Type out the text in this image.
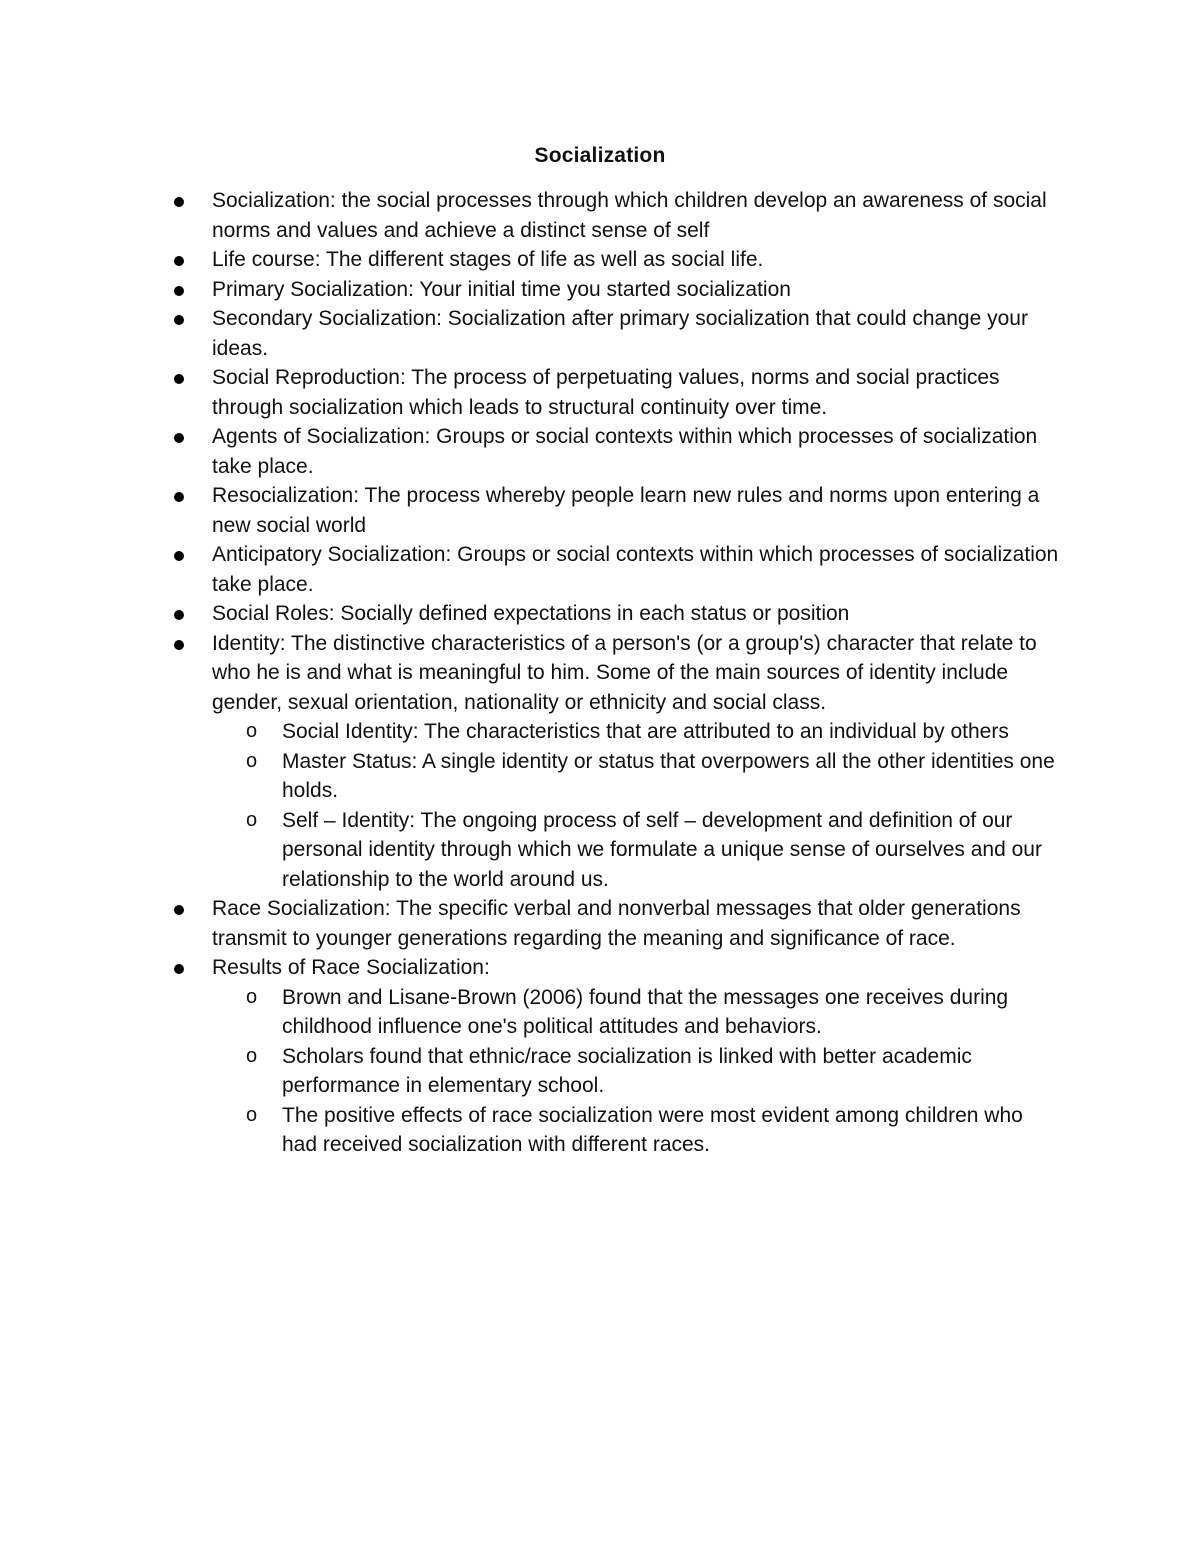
Socialization
Socialization: the social processes through which children develop an awareness of social norms and values and achieve a distinct sense of self
Life course: The different stages of life as well as social life.
Primary Socialization: Your initial time you started socialization
Secondary Socialization: Socialization after primary socialization that could change your ideas.
Social Reproduction: The process of perpetuating values, norms and social practices through socialization which leads to structural continuity over time.
Agents of Socialization: Groups or social contexts within which processes of socialization take place.
Resocialization: The process whereby people learn new rules and norms upon entering a new social world
Anticipatory Socialization: Groups or social contexts within which processes of socialization take place.
Social Roles: Socially defined expectations in each status or position
Identity: The distinctive characteristics of a person's (or a group's) character that relate to who he is and what is meaningful to him. Some of the main sources of identity include gender, sexual orientation, nationality or ethnicity and social class.
o Social Identity: The characteristics that are attributed to an individual by others
o Master Status: A single identity or status that overpowers all the other identities one holds.
o Self – Identity: The ongoing process of self – development and definition of our personal identity through which we formulate a unique sense of ourselves and our relationship to the world around us.
Race Socialization: The specific verbal and nonverbal messages that older generations transmit to younger generations regarding the meaning and significance of race.
Results of Race Socialization:
o Brown and Lisane-Brown (2006) found that the messages one receives during childhood influence one's political attitudes and behaviors.
o Scholars found that ethnic/race socialization is linked with better academic performance in elementary school.
o The positive effects of race socialization were most evident among children who had received socialization with different races.
